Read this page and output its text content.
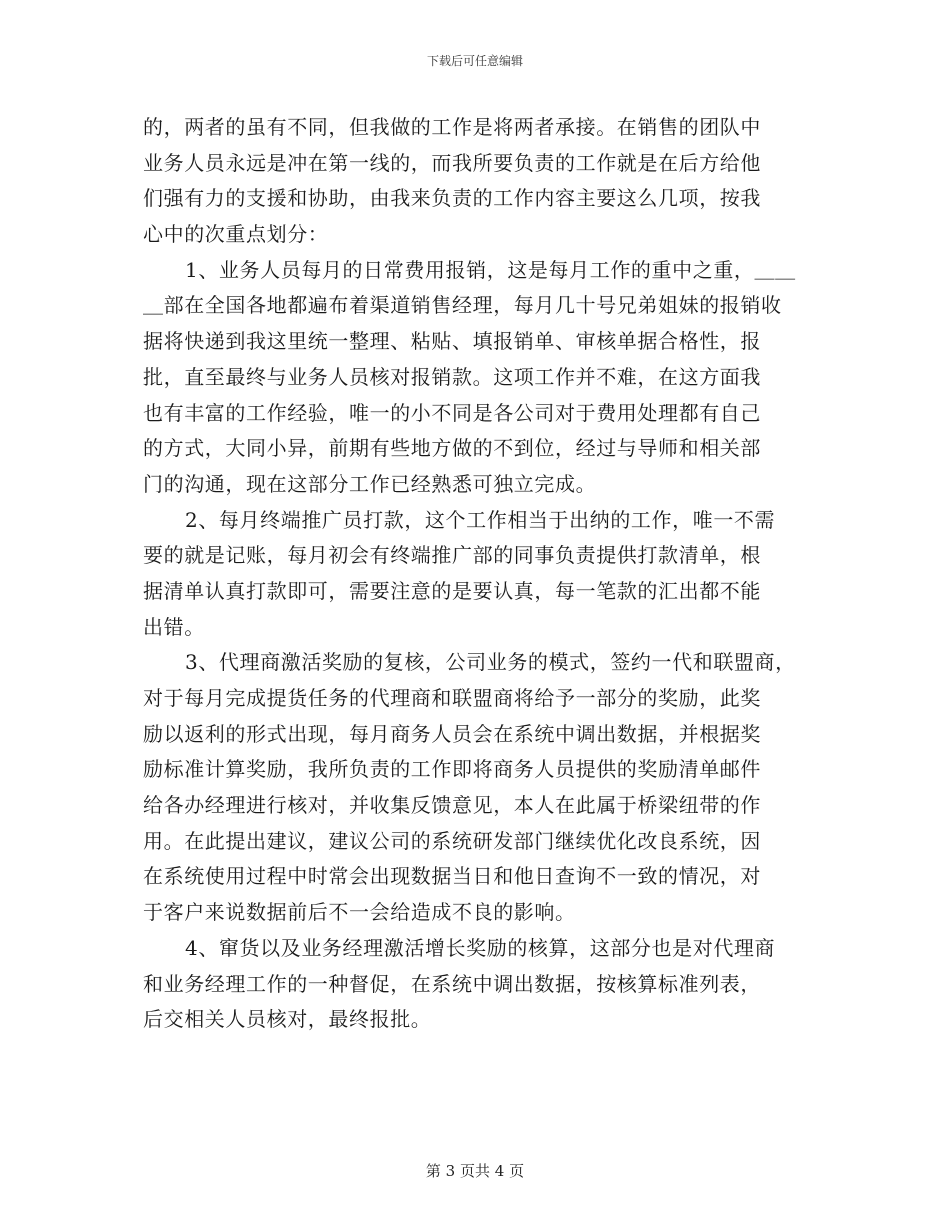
下载后可任意编辑
的，两者的虽有不同，但我做的工作是将两者承接。在销售的团队中
业务人员永远是冲在第一线的，而我所要负责的工作就是在后方给他
们强有力的支援和协助，由我来负责的工作内容主要这么几项，按我
心中的次重点划分：
1、业务人员每月的日常费用报销，这是每月工作的重中之重，＿＿
＿部在全国各地都遍布着渠道销售经理，每月几十号兄弟姐妹的报销收
据将快递到我这里统一整理、粘贴、填报销单、审核单据合格性，报
批，直至最终与业务人员核对报销款。这项工作并不难，在这方面我
也有丰富的工作经验，唯一的小不同是各公司对于费用处理都有自己
的方式，大同小异，前期有些地方做的不到位，经过与导师和相关部
门的沟通，现在这部分工作已经熟悉可独立完成。
2、每月终端推广员打款，这个工作相当于出纳的工作，唯一不需
要的就是记账，每月初会有终端推广部的同事负责提供打款清单，根
据清单认真打款即可，需要注意的是要认真，每一笔款的汇出都不能
出错。
3、代理商激活奖励的复核，公司业务的模式，签约一代和联盟商，
对于每月完成提货任务的代理商和联盟商将给予一部分的奖励，此奖
励以返利的形式出现，每月商务人员会在系统中调出数据，并根据奖
励标准计算奖励，我所负责的工作即将商务人员提供的奖励清单邮件
给各办经理进行核对，并收集反馈意见，本人在此属于桥梁纽带的作
用。在此提出建议，建议公司的系统研发部门继续优化改良系统，因
在系统使用过程中时常会出现数据当日和他日查询不一致的情况，对
于客户来说数据前后不一会给造成不良的影响。
4、窜货以及业务经理激活增长奖励的核算，这部分也是对代理商
和业务经理工作的一种督促，在系统中调出数据，按核算标准列表，
后交相关人员核对，最终报批。
第 3 页共 4 页
